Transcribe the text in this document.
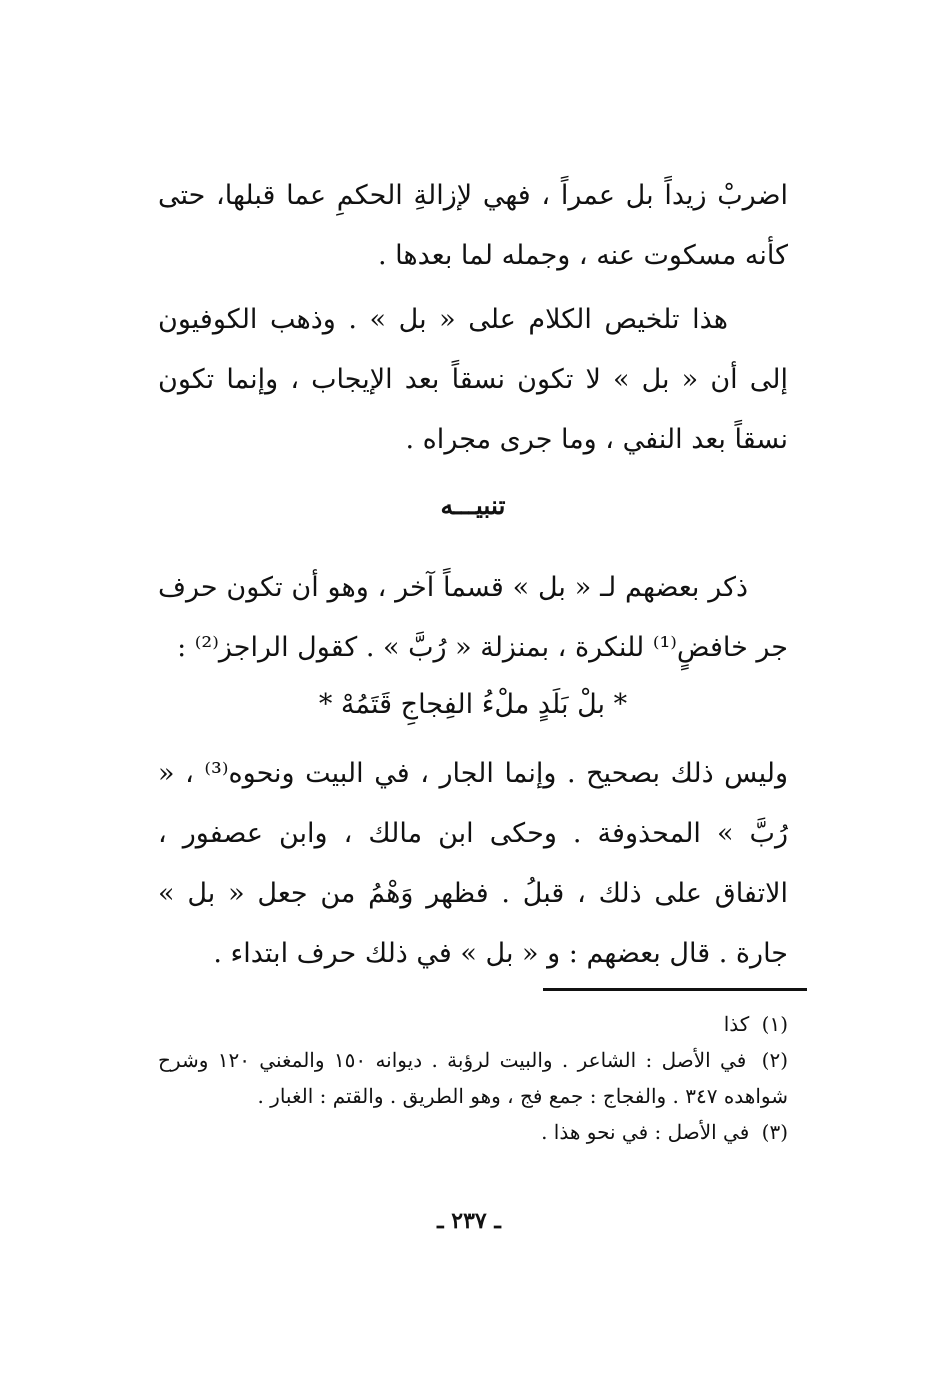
اضربْ زيداً بل عمراً ، فهي لإزالةِ الحكمِ عما قبلها، حتى كأنه مسكوت عنه ، وجمله لما بعدها .

هذا تلخيص الكلام على « بل » . وذهب الكوفيون إلى أن « بل » لا تكون نسقاً بعد الإيجاب ، وإنما تكون نسقاً بعد النفي ، وما جرى مجراه .

تنبيـــه

ذكر بعضهم لـ « بل » قسماً آخر ، وهو أن تكون حرف جر خافضٍ⁽¹⁾ للنكرة ، بمنزلة « رُبَّ » . كقول الراجز⁽²⁾ :

* بلْ بَلَدٍ ملْءُ الفِجاجِ قَتَمُهْ *

وليس ذلك بصحيح . وإنما الجار ، في البيت ونحوه⁽³⁾ ، « رُبَّ » المحذوفة . وحكى ابن مالك ، وابن عصفور ، الاتفاق على ذلك ، قبلُ . فظهر وَهْمُ من جعل « بل » جارة . قال بعضهم : و « بل » في ذلك حرف ابتداء .

(١) كذا
(٢) في الأصل : الشاعر . والبيت لرؤبة . ديوانه ١٥٠ والمغني ١٢٠ وشرح شواهده ٣٤٧ . والفجاج : جمع فج ، وهو الطريق . والقتم : الغبار .
(٣) في الأصل : في نحو هذا .
ـ ٢٣٧ ـ
